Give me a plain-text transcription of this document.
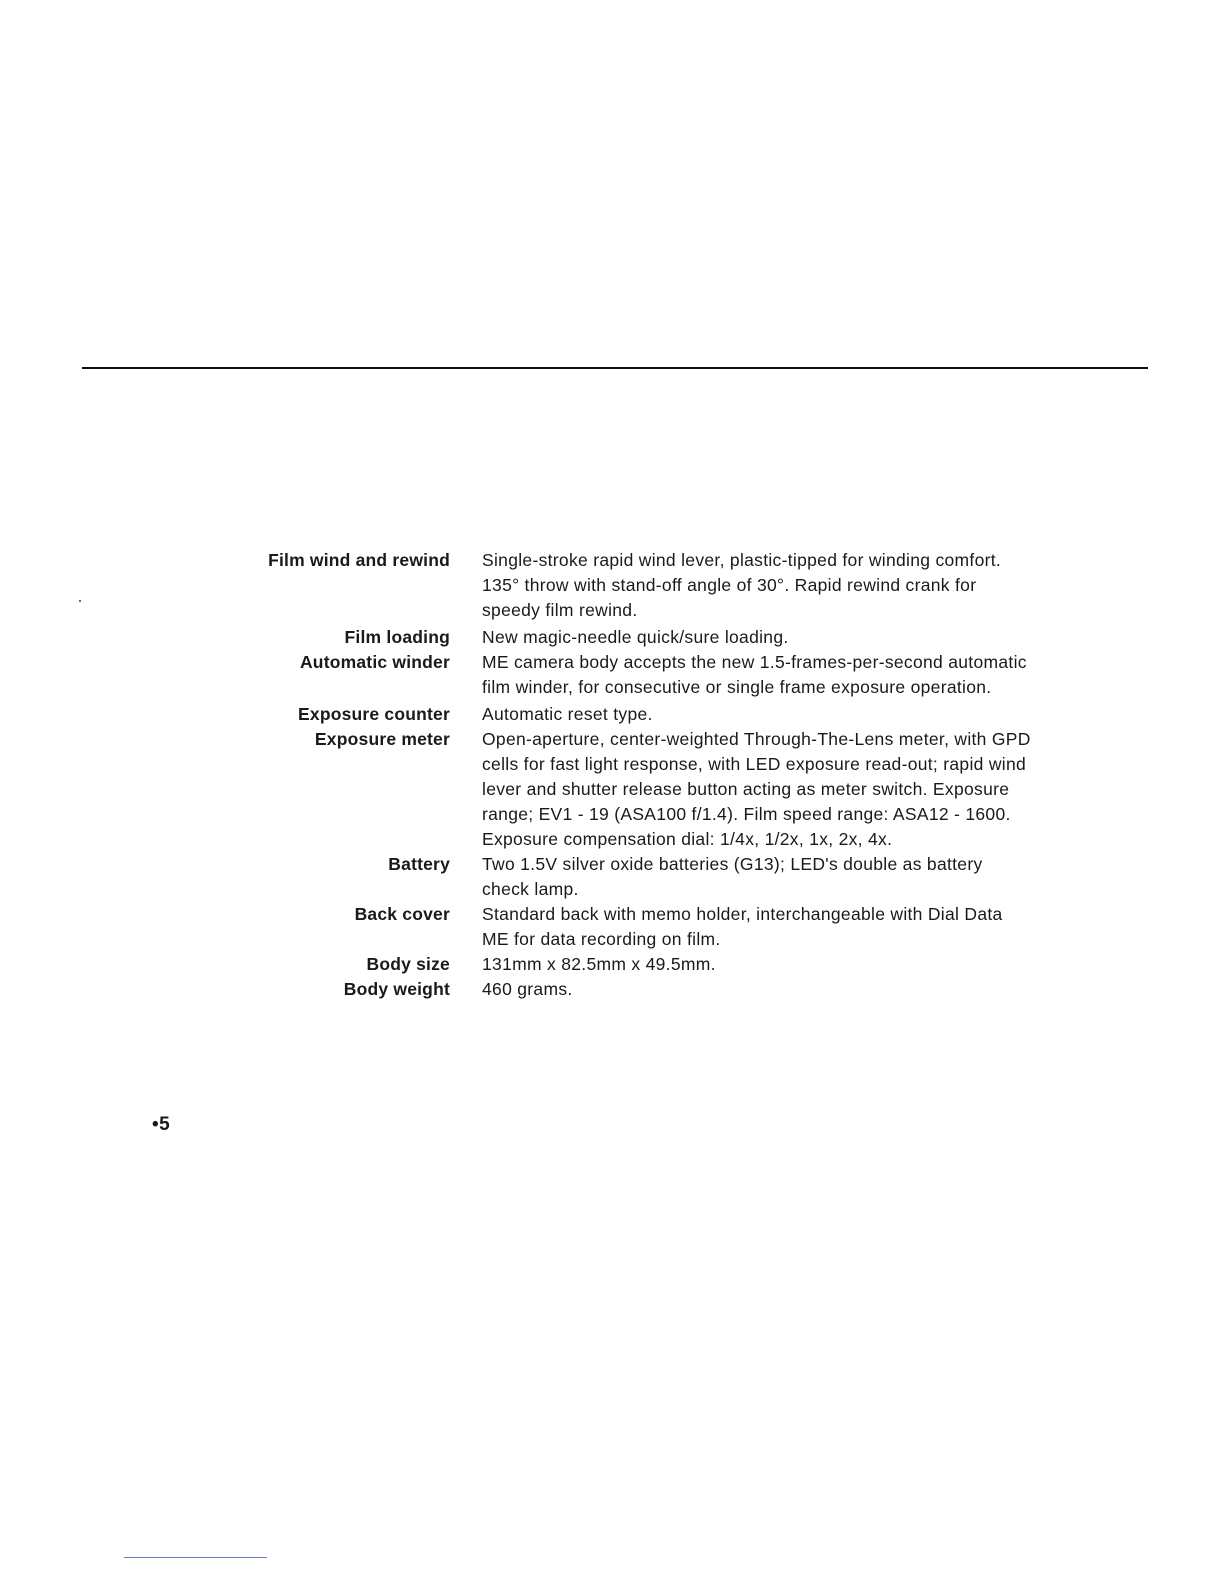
Film wind and rewind Single-stroke rapid wind lever, plastic-tipped for winding comfort.
135° throw with stand-off angle of 30°. Rapid rewind crank for
speedy film rewind.
Film loading New magic-needle quick/sure loading.
Automatic winder ME camera body accepts the new 1.5-frames-per-second automatic
film winder, for consecutive or single frame exposure operation.
Exposure counter Automatic reset type.
Exposure meter Open-aperture, center-weighted Through-The-Lens meter, with GPD
cells for fast light response, with LED exposure read-out; rapid wind
lever and shutter release button acting as meter switch. Exposure
range; EV1 - 19 (ASA100 f/1.4). Film speed range: ASA12 - 1600.
Exposure compensation dial: 1/4x, 1/2x, 1x, 2x, 4x.
Battery Two 1.5V silver oxide batteries (G13); LED's double as battery
check lamp.
Back cover Standard back with memo holder, interchangeable with Dial Data
ME for data recording on film.
Body size 131mm x 82.5mm x 49.5mm.
Body weight 460 grams.
•5
